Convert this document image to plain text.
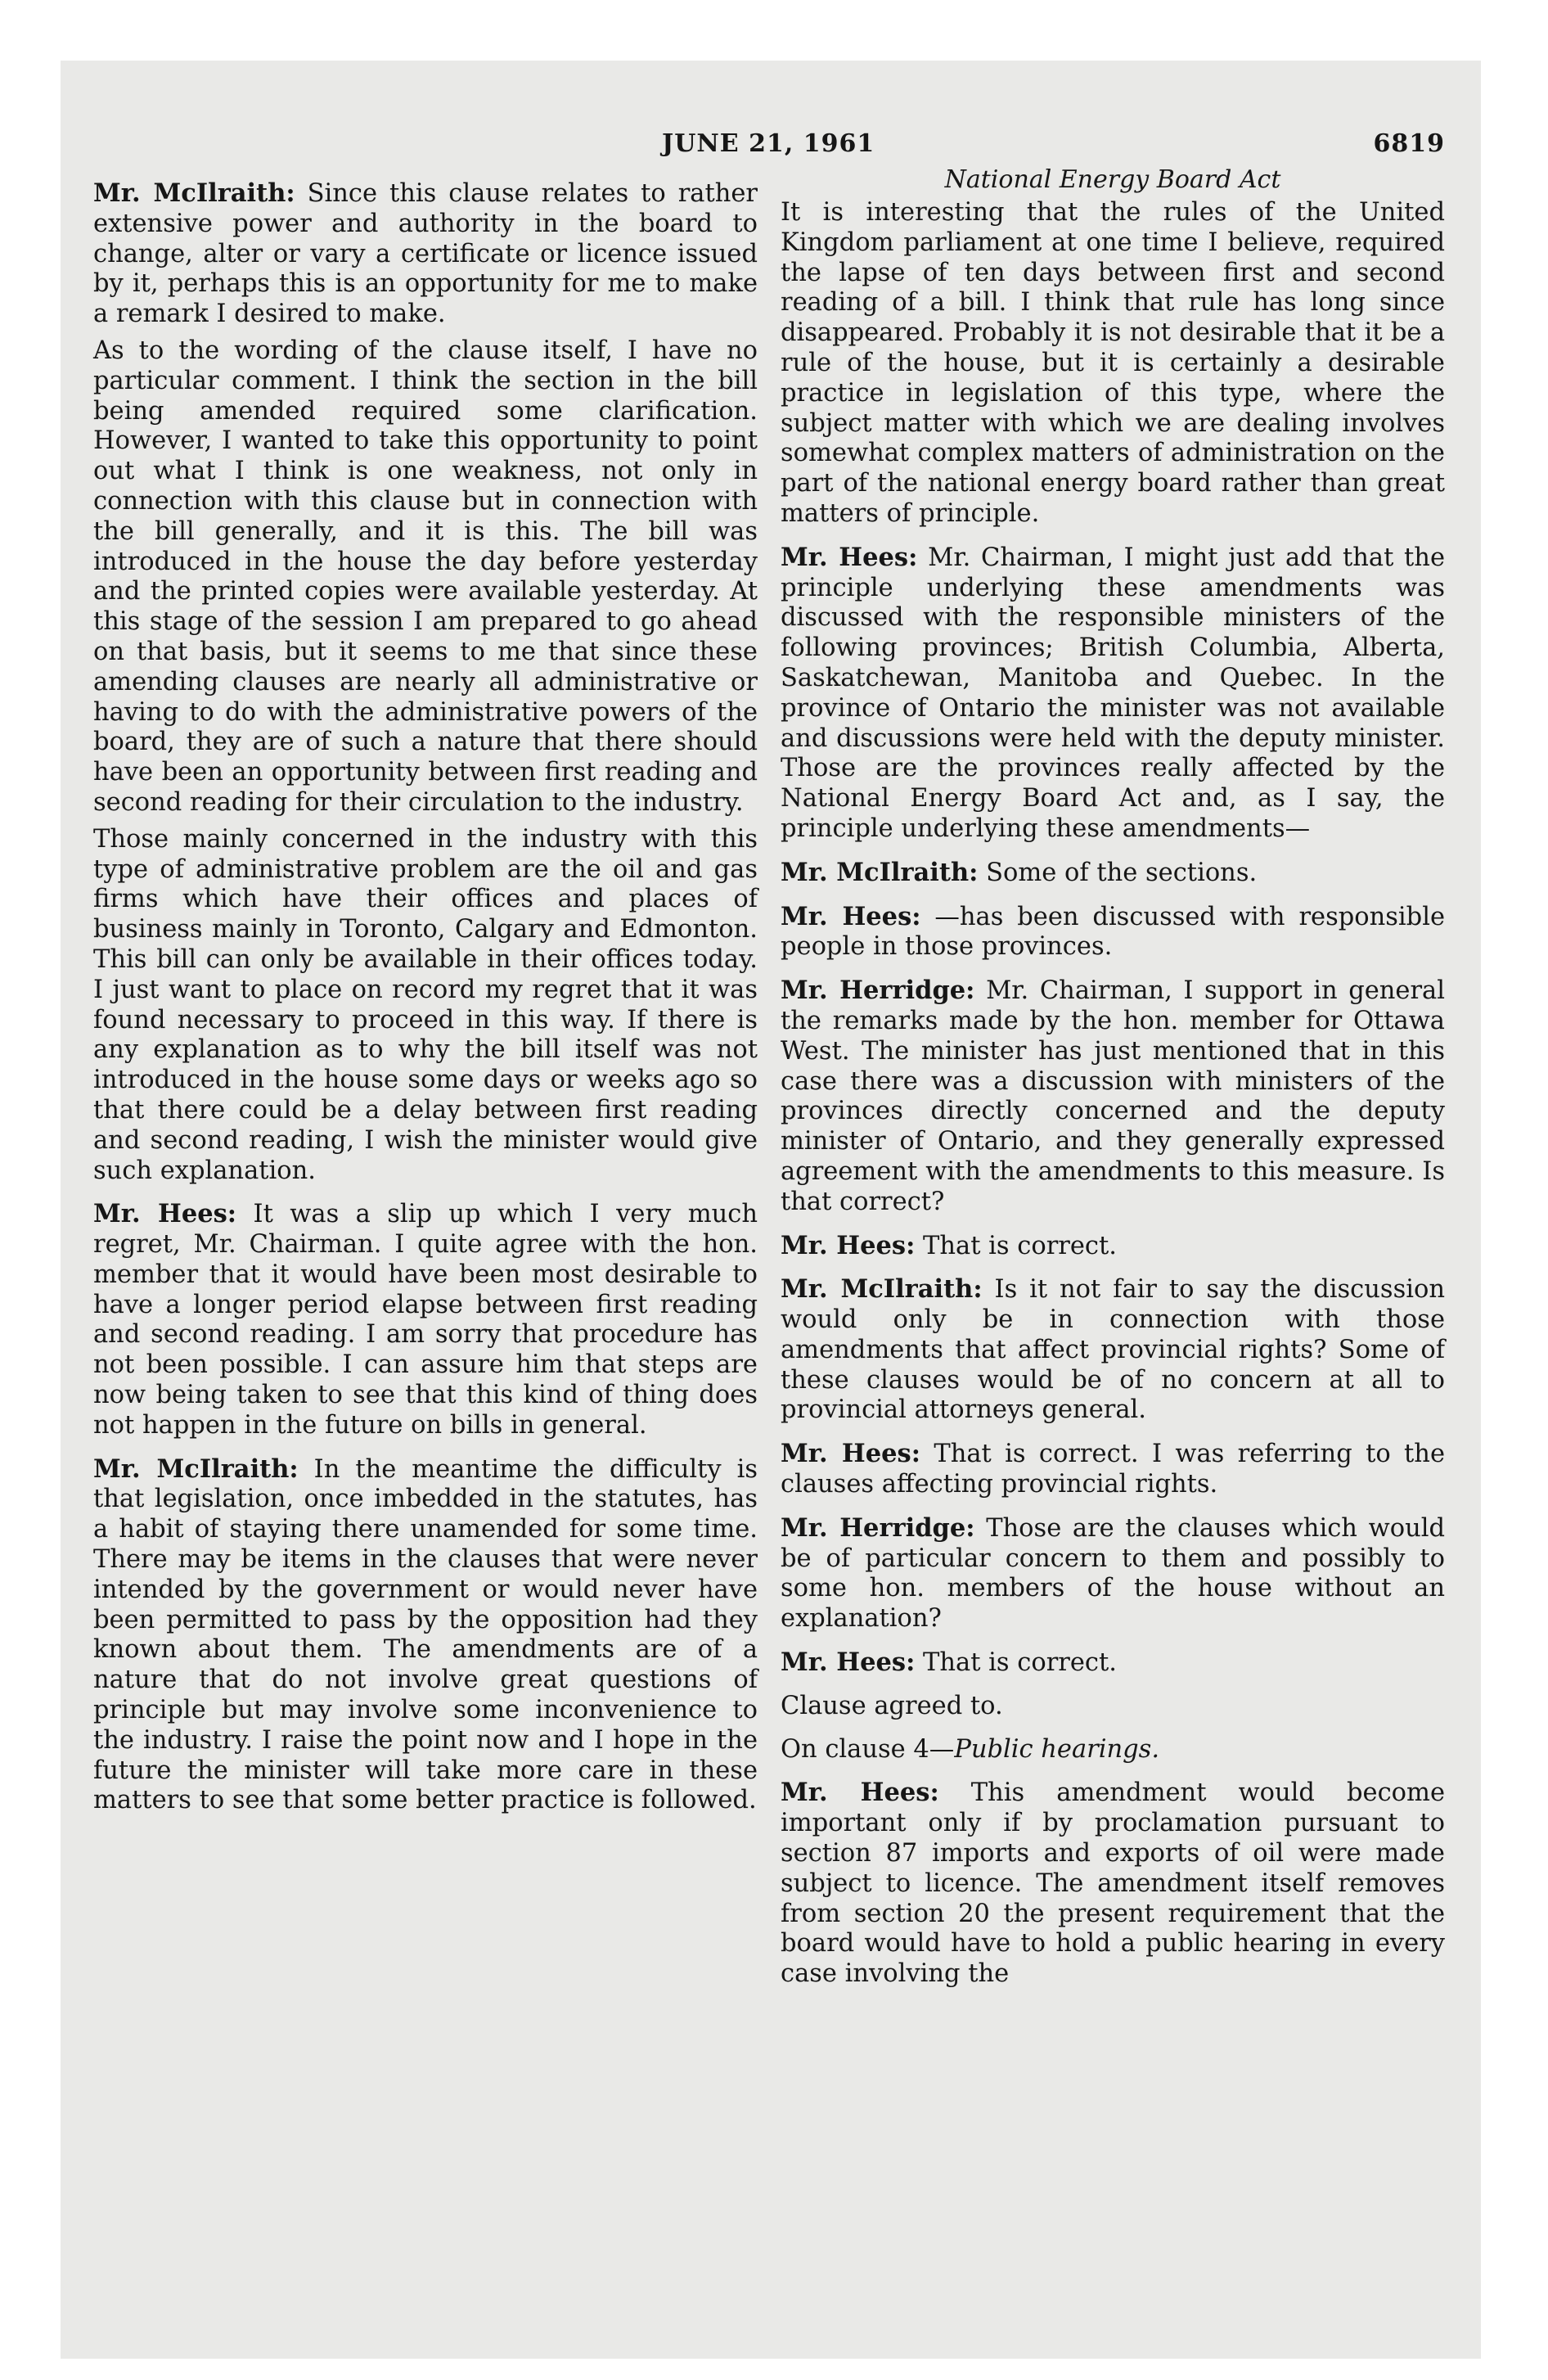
JUNE 21, 1961	6819

Mr. McIlraith: Since this clause relates to rather extensive power and authority in the board to change, alter or vary a certificate or licence issued by it, perhaps this is an opportunity for me to make a remark I desired to make.

As to the wording of the clause itself, I have no particular comment. I think the section in the bill being amended required some clarification. However, I wanted to take this opportunity to point out what I think is one weakness, not only in connection with this clause but in connection with the bill generally, and it is this. The bill was introduced in the house the day before yesterday and the printed copies were available yesterday. At this stage of the session I am prepared to go ahead on that basis, but it seems to me that since these amending clauses are nearly all administrative or having to do with the administrative powers of the board, they are of such a nature that there should have been an opportunity between first reading and second reading for their circulation to the industry.

Those mainly concerned in the industry with this type of administrative problem are the oil and gas firms which have their offices and places of business mainly in Toronto, Calgary and Edmonton. This bill can only be available in their offices today. I just want to place on record my regret that it was found necessary to proceed in this way. If there is any explanation as to why the bill itself was not introduced in the house some days or weeks ago so that there could be a delay between first reading and second reading, I wish the minister would give such explanation.

Mr. Hees: It was a slip up which I very much regret, Mr. Chairman. I quite agree with the hon. member that it would have been most desirable to have a longer period elapse between first reading and second reading. I am sorry that procedure has not been possible. I can assure him that steps are now being taken to see that this kind of thing does not happen in the future on bills in general.

Mr. McIlraith: In the meantime the difficulty is that legislation, once imbedded in the statutes, has a habit of staying there unamended for some time. There may be items in the clauses that were never intended by the government or would never have been permitted to pass by the opposition had they known about them. The amendments are of a nature that do not involve great questions of principle but may involve some inconvenience to the industry. I raise the point now and I hope in the future the minister will take more care in these matters to see that some better practice is followed.

National Energy Board Act

It is interesting that the rules of the United Kingdom parliament at one time I believe, required the lapse of ten days between first and second reading of a bill. I think that rule has long since disappeared. Probably it is not desirable that it be a rule of the house, but it is certainly a desirable practice in legislation of this type, where the subject matter with which we are dealing involves somewhat complex matters of administration on the part of the national energy board rather than great matters of principle.

Mr. Hees: Mr. Chairman, I might just add that the principle underlying these amendments was discussed with the responsible ministers of the following provinces; British Columbia, Alberta, Saskatchewan, Manitoba and Quebec. In the province of Ontario the minister was not available and discussions were held with the deputy minister. Those are the provinces really affected by the National Energy Board Act and, as I say, the principle underlying these amendments—

Mr. McIlraith: Some of the sections.

Mr. Hees: —has been discussed with responsible people in those provinces.

Mr. Herridge: Mr. Chairman, I support in general the remarks made by the hon. member for Ottawa West. The minister has just mentioned that in this case there was a discussion with ministers of the provinces directly concerned and the deputy minister of Ontario, and they generally expressed agreement with the amendments to this measure. Is that correct?

Mr. Hees: That is correct.

Mr. McIlraith: Is it not fair to say the discussion would only be in connection with those amendments that affect provincial rights? Some of these clauses would be of no concern at all to provincial attorneys general.

Mr. Hees: That is correct. I was referring to the clauses affecting provincial rights.

Mr. Herridge: Those are the clauses which would be of particular concern to them and possibly to some hon. members of the house without an explanation?

Mr. Hees: That is correct.

Clause agreed to.

On clause 4—Public hearings.

Mr. Hees: This amendment would become important only if by proclamation pursuant to section 87 imports and exports of oil were made subject to licence. The amendment itself removes from section 20 the present requirement that the board would have to hold a public hearing in every case involving the
